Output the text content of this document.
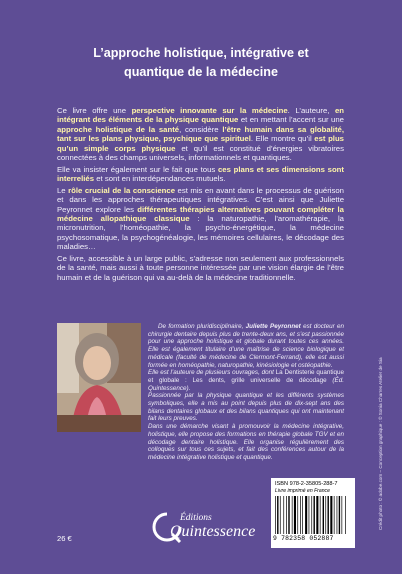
L’approche holistique, intégrative et
quantique de la médecine

Ce livre offre une perspective innovante sur la médecine. L’auteure, en intégrant des éléments de la physique quantique et en mettant l’accent sur une approche holistique de la santé, considère l’être humain dans sa globalité, tant sur les plans physique, psychique que spirituel. Elle montre qu’il est plus qu’un simple corps physique et qu’il est constitué d’énergies vibratoires connectées à des champs universels, informationnels et quantiques.

Elle va insister également sur le fait que tous ces plans et ses dimensions sont interreliés et sont en interdépendances mutuels.

Le rôle crucial de la conscience est mis en avant dans le processus de guérison et dans les approches thérapeutiques intégratives. C’est ainsi que Juliette Peyronnet explore les différentes thérapies alternatives pouvant compléter la médecine allopathique classique : la naturopathie, l’aromathérapie, la micronutrition, l’homéopathie, la psycho-énergétique, la médecine psychosomatique, la psychogénéalogie, les mémoires cellulaires, le décodage des maladies…

Ce livre, accessible à un large public, s’adresse non seulement aux professionnels de la santé, mais aussi à toute personne intéressée par une vision élargie de l’être humain et de la guérison qui va au-delà de la médecine traditionnelle.

De formation pluridisciplinaire, Juliette Peyronnet est docteur en chirurgie dentaire depuis plus de trente-deux ans, et s’est passionnée pour une approche holistique et globale durant toutes ces années. Elle est également titulaire d’une maîtrise de science biologique et médicale (faculté de médecine de Clermont-Ferrand), elle est aussi formée en homéopathie, naturopathie, kinésiologie et ostéopathie.

Elle est l’auteure de plusieurs ouvrages, dont La Dentisterie quantique et globale : Les dents, grille universelle de décodage (Éd. Quintessence).

Passionnée par la physique quantique et les différents systèmes symboliques, elle a mis au point depuis plus de dix-sept ans des bilans dentaires globaux et des bilans quantiques qui ont maintenant fait leurs preuves.

Dans une démarche visant à promouvoir la médecine intégrative, holistique, elle propose des formations en thérapie globale TGV et en décodage dentaire holistique. Elle organise régulièrement des colloques sur tous ces sujets, et fait des conférences autour de la médecine intégrative holistique et quantique.	Crédit photo : © adobe.com – Conception graphique : © Sonia Charres Atelier de Sia
26 €
Éditions
Quintessence
ISBN 978-2-35805-288-7
Livre imprimé en France
9 782358 052887
